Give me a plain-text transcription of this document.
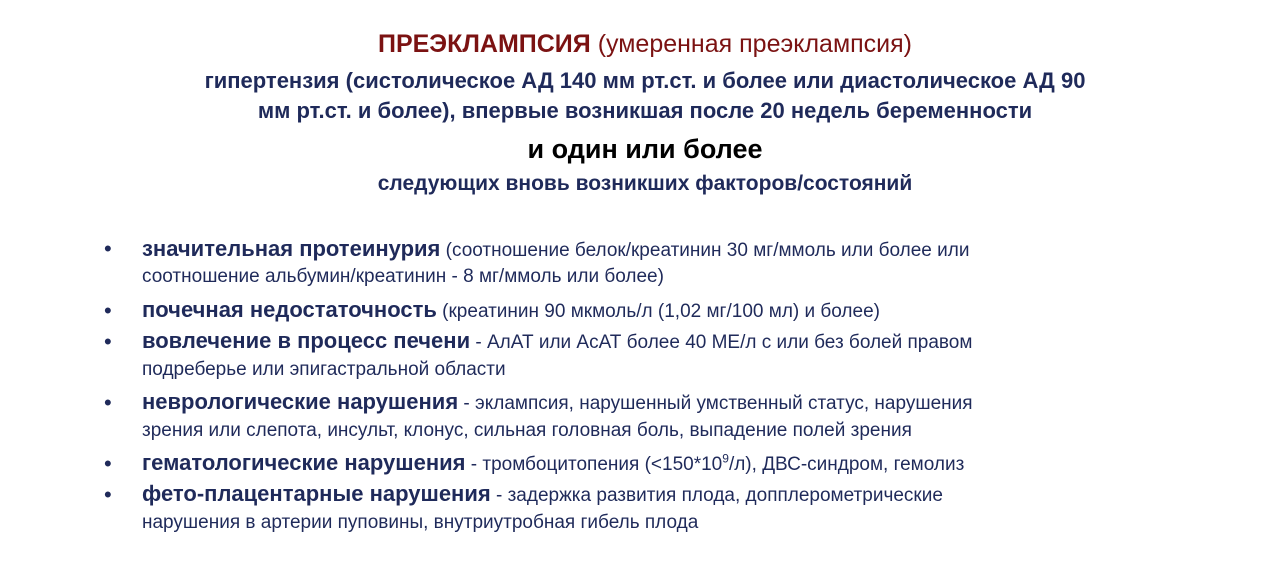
ПРЕЭКЛАМПСИЯ (умеренная преэклампсия)
гипертензия (систолическое АД 140 мм рт.ст. и более или диастолическое АД 90
мм рт.ст. и более), впервые возникшая после 20 недель беременности
и один или более
следующих вновь возникших факторов/состояний
• значительная протеинурия (соотношение белок/креатинин 30 мг/ммоль или более или
соотношение альбумин/креатинин - 8 мг/ммоль или более)
• почечная недостаточность (креатинин 90 мкмоль/л (1,02 мг/100 мл) и более)
• вовлечение в процесс печени - АлАТ или АсАТ более 40 МЕ/л с или без болей правом
подреберье или эпигастральной области
• неврологические нарушения - эклампсия, нарушенный умственный статус, нарушения
зрения или слепота, инсульт, клонус, сильная головная боль, выпадение полей зрения
• гематологические нарушения - тромбоцитопения $(<150*10^9/л)$, ДВС-синдром, гемолиз
• фето-плацентарные нарушения - задержка развития плода, допплерометрические
нарушения в артерии пуповины, внутриутробная гибель плода
